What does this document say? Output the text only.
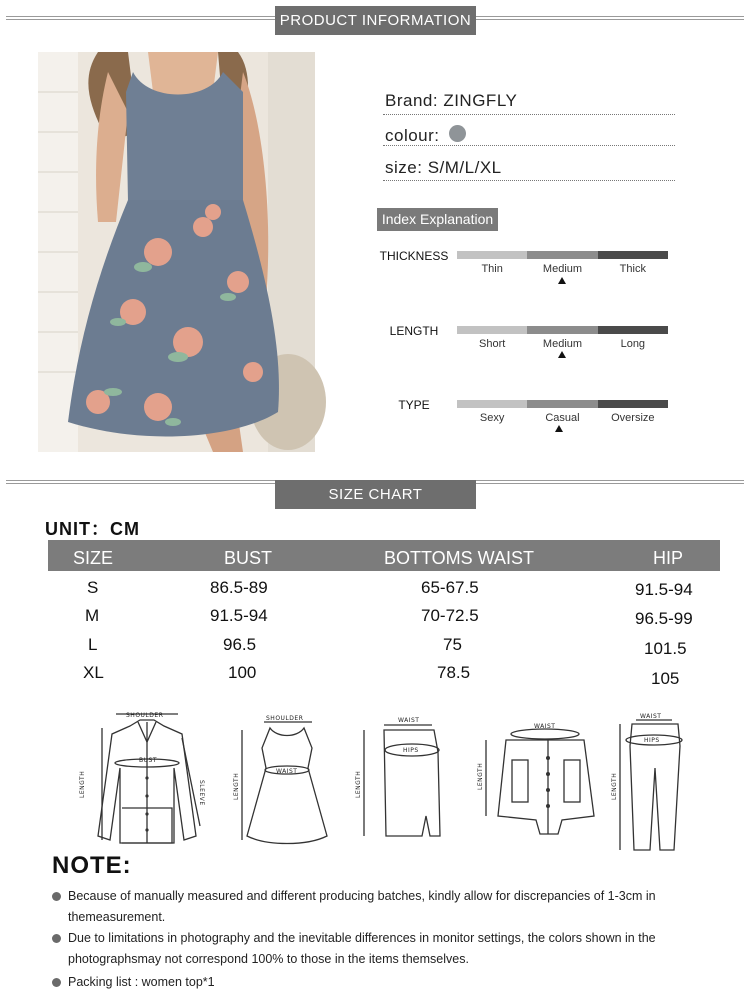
PRODUCT INFORMATION
Brand: ZINGFLY
colour:
size: S/M/L/XL
Index Explanation
THICKNESS
Thin	Medium	Thick
LENGTH
Short	Medium	Long
TYPE
Sexy	Casual	Oversize
SIZE CHART
UNIT：CM
SIZE	BUST	BOTTOMS WAIST	HIP
S	86.5-89	65-67.5	91.5-94
M	91.5-94	70-72.5	96.5-99
L	96.5	75	101.5
XL	100	78.5	105
SHOULDER
BUST
LENGTH	SLEEVE
SHOULDER
WAIST
LENGTH
WAIST
HIPS
LENGTH
WAIST
LENGTH
WAIST
HIPS
LENGTH
NOTE:
Because of manually measured and different producing batches, kindly allow for discrepancies of 1-3cm in themeasurement.
Due to limitations in photography and the inevitable differences in monitor settings, the colors shown in the photographsmay not correspond 100% to those in the items themselves.
Packing list : women top*1
